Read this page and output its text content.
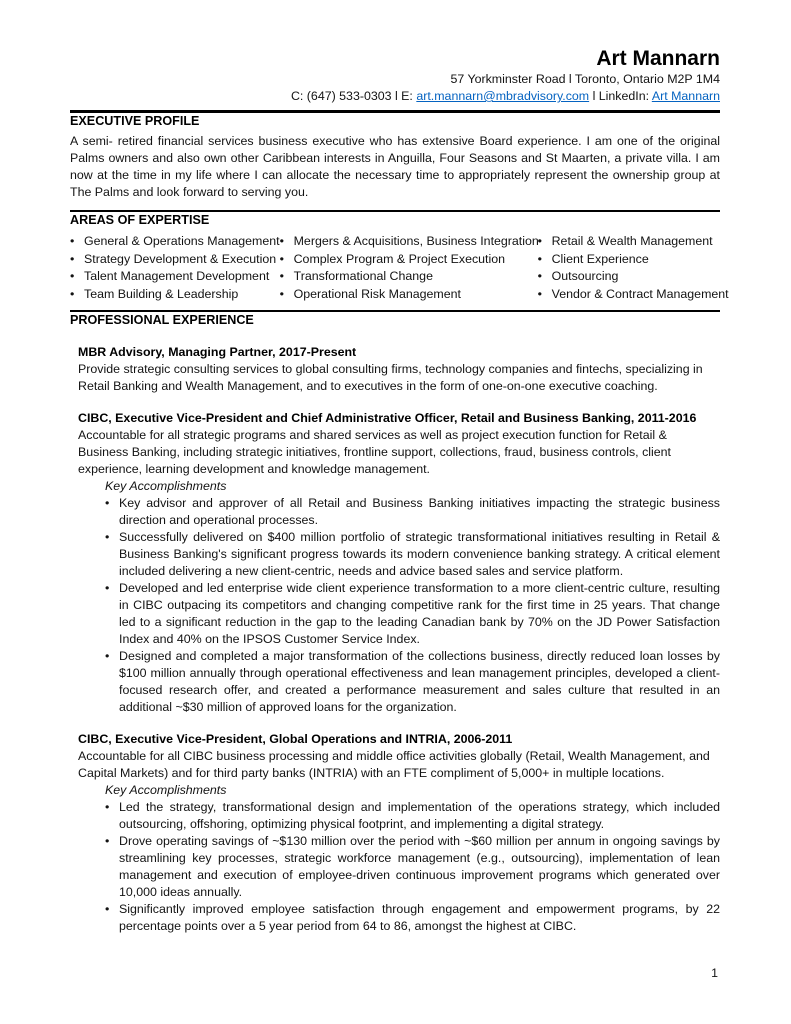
Art Mannarn
57 Yorkminster Road l Toronto, Ontario M2P 1M4
C: (647) 533-0303 l E: art.mannarn@mbradvisory.com l LinkedIn: Art Mannarn
EXECUTIVE PROFILE

A semi- retired financial services business executive who has extensive Board experience. I am one of the original Palms owners and also own other Caribbean interests in Anguilla, Four Seasons and St Maarten, a private villa. I am now at the time in my life where I can allocate the necessary time to appropriately represent the ownership group at The Palms and look forward to serving you.

AREAS OF EXPERTISE
• General & Operations Management
• Strategy Development & Execution
• Talent Management Development
• Team Building & Leadership
• Mergers & Acquisitions, Business Integration
• Complex Program & Project Execution
• Transformational Change
• Operational Risk Management
• Retail & Wealth Management
• Client Experience
• Outsourcing
• Vendor & Contract Management
PROFESSIONAL EXPERIENCE
MBR Advisory, Managing Partner, 2017-Present

Provide strategic consulting services to global consulting firms, technology companies and fintechs, specializing in Retail Banking and Wealth Management, and to executives in the form of one-on-one executive coaching.

CIBC, Executive Vice-President and Chief Administrative Officer, Retail and Business Banking, 2011-2016

Accountable for all strategic programs and shared services as well as project execution function for Retail & Business Banking, including strategic initiatives, frontline support, collections, fraud, business controls, client experience, learning development and knowledge management.

Key Accomplishments
• Key advisor and approver of all Retail and Business Banking initiatives impacting the strategic business direction and operational processes.
• Successfully delivered on $400 million portfolio of strategic transformational initiatives resulting in Retail & Business Banking's significant progress towards its modern convenience banking strategy. A critical element included delivering a new client-centric, needs and advice based sales and service platform.
• Developed and led enterprise wide client experience transformation to a more client-centric culture, resulting in CIBC outpacing its competitors and changing competitive rank for the first time in 25 years. That change led to a significant reduction in the gap to the leading Canadian bank by 70% on the JD Power Satisfaction Index and 40% on the IPSOS Customer Service Index.
• Designed and completed a major transformation of the collections business, directly reduced loan losses by $100 million annually through operational effectiveness and lean management principles, developed a client-focused research offer, and created a performance measurement and sales culture that resulted in an additional ~$30 million of approved loans for the organization.
CIBC, Executive Vice-President, Global Operations and INTRIA, 2006-2011

Accountable for all CIBC business processing and middle office activities globally (Retail, Wealth Management, and Capital Markets) and for third party banks (INTRIA) with an FTE compliment of 5,000+ in multiple locations.

Key Accomplishments
• Led the strategy, transformational design and implementation of the operations strategy, which included outsourcing, offshoring, optimizing physical footprint, and implementing a digital strategy.
• Drove operating savings of ~$130 million over the period with ~$60 million per annum in ongoing savings by streamlining key processes, strategic workforce management (e.g., outsourcing), implementation of lean management and execution of employee-driven continuous improvement programs which generated over 10,000 ideas annually.
• Significantly improved employee satisfaction through engagement and empowerment programs, by 22 percentage points over a 5 year period from 64 to 86, amongst the highest at CIBC.
1
